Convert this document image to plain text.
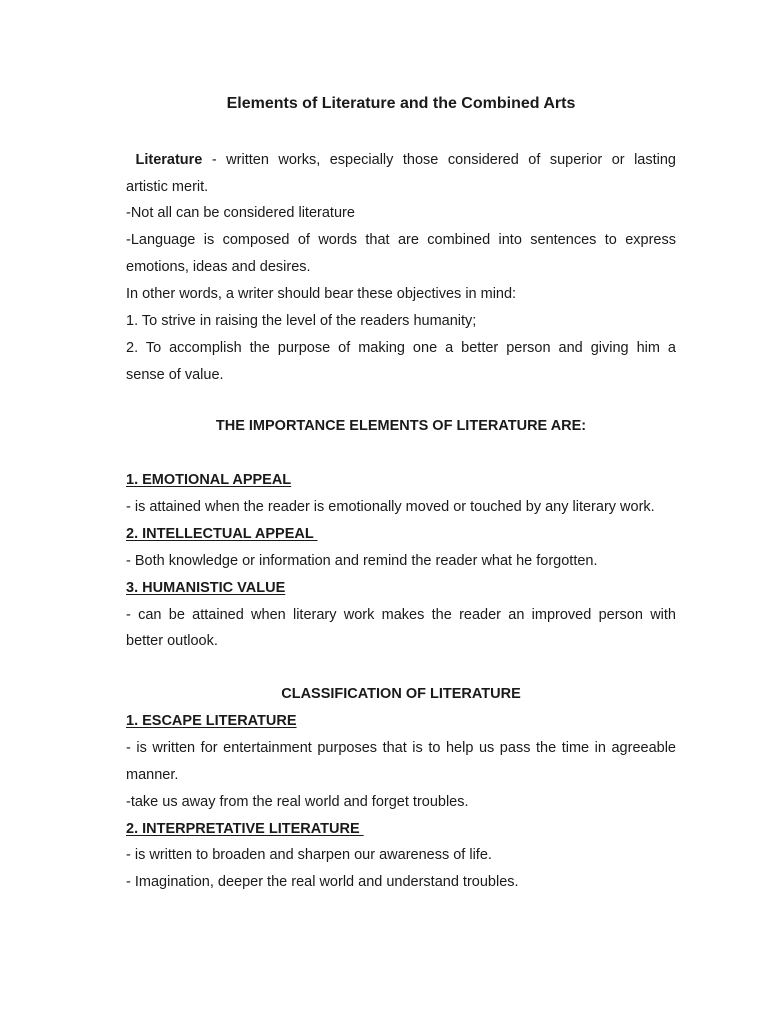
Elements of Literature and the Combined Arts
Literature - written works, especially those considered of superior or lasting
artistic merit.
-Not all can be considered literature
-Language is composed of words that are combined into sentences to express
emotions, ideas and desires.
In other words, a writer should bear these objectives in mind:
1. To strive in raising the level of the readers humanity;
2. To accomplish the purpose of making one a better person and giving him a
sense of value.
THE IMPORTANCE ELEMENTS OF LITERATURE ARE:
1. EMOTIONAL APPEAL
- is attained when the reader is emotionally moved or touched by any literary work.
2. INTELLECTUAL APPEAL
- Both knowledge or information and remind the reader what he forgotten.
3. HUMANISTIC VALUE
- can be attained when literary work makes the reader an improved person with
better outlook.
CLASSIFICATION OF LITERATURE
1. ESCAPE LITERATURE
- is written for entertainment purposes that is to help us pass the time in agreeable
manner.
-take us away from the real world and forget troubles.
2. INTERPRETATIVE LITERATURE
- is written to broaden and sharpen our awareness of life.
- Imagination, deeper the real world and understand troubles.
